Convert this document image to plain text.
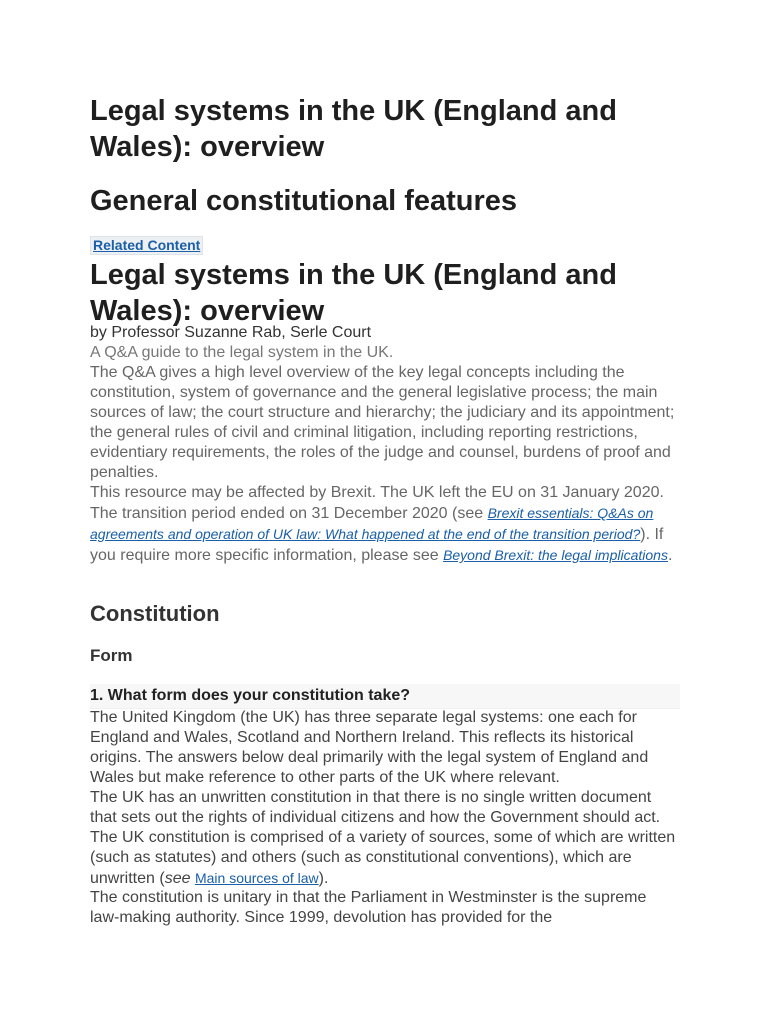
Legal systems in the UK (England and Wales): overview
General constitutional features
Related Content
Legal systems in the UK (England and Wales): overview
by Professor Suzanne Rab, Serle Court
A Q&A guide to the legal system in the UK.
The Q&A gives a high level overview of the key legal concepts including the constitution, system of governance and the general legislative process; the main sources of law; the court structure and hierarchy; the judiciary and its appointment; the general rules of civil and criminal litigation, including reporting restrictions, evidentiary requirements, the roles of the judge and counsel, burdens of proof and penalties.
This resource may be affected by Brexit. The UK left the EU on 31 January 2020. The transition period ended on 31 December 2020 (see Brexit essentials: Q&As on agreements and operation of UK law: What happened at the end of the transition period?). If you require more specific information, please see Beyond Brexit: the legal implications.
Constitution
Form
1. What form does your constitution take?
The United Kingdom (the UK) has three separate legal systems: one each for England and Wales, Scotland and Northern Ireland. This reflects its historical origins. The answers below deal primarily with the legal system of England and Wales but make reference to other parts of the UK where relevant.
The UK has an unwritten constitution in that there is no single written document that sets out the rights of individual citizens and how the Government should act. The UK constitution is comprised of a variety of sources, some of which are written (such as statutes) and others (such as constitutional conventions), which are unwritten (see Main sources of law).
The constitution is unitary in that the Parliament in Westminster is the supreme law-making authority. Since 1999, devolution has provided for the
